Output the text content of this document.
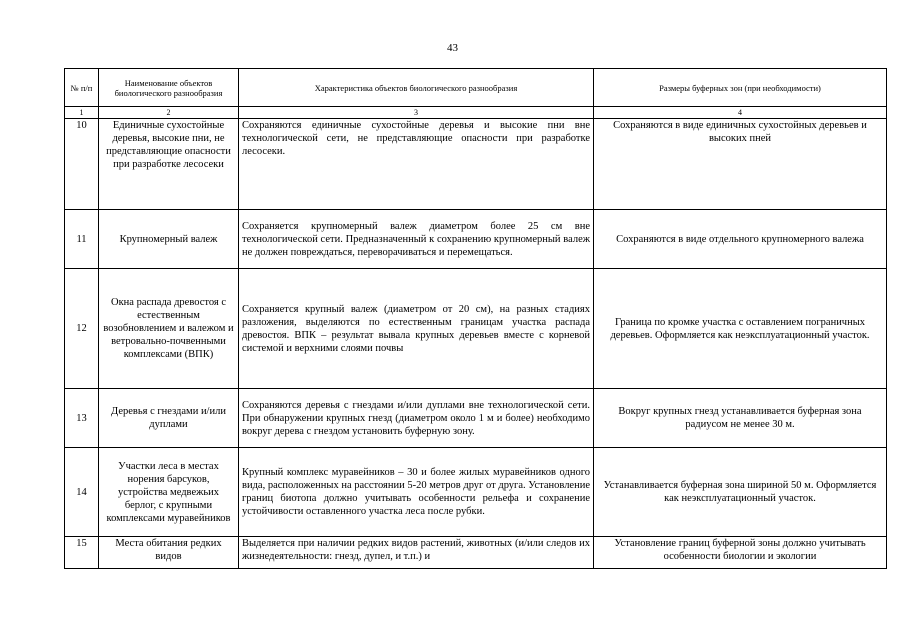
43
№ п/п	Наименование объектов биологического разнообразия	Характеристика объектов биологического разнообразия	Размеры буферных зон (при необходимости)
1	2	3	4
10	Единичные сухостойные деревья, высокие пни, не представляющие опасности при разработке лесосеки	Сохраняются единичные сухостойные деревья и высокие пни вне технологической сети, не представляющие опасности при разработке лесосеки.	Сохраняются в виде единичных сухостойных деревьев и высоких пней
11	Крупномерный валеж	Сохраняется крупномерный валеж диаметром более 25 см вне технологической сети. Предназначенный к сохранению крупномерный валеж не должен повреждаться, переворачиваться и перемещаться.	Сохраняются в виде отдельного крупномерного валежа
12	Окна распада древостоя с естественным возобновлением и валежом и ветровально-почвенными комплексами (ВПК)	Сохраняется крупный валеж (диаметром от 20 см), на разных стадиях разложения, выделяются по естественным границам участка распада древостоя. ВПК – результат вывала крупных деревьев вместе с корневой системой и верхними слоями почвы	Граница по кромке участка с оставлением пограничных деревьев. Оформляется как неэксплуатационный участок.
13	Деревья с гнездами и/или дуплами	Сохраняются деревья с гнездами и/или дуплами вне технологической сети. При обнаружении крупных гнезд (диаметром около 1 м и более) необходимо вокруг дерева с гнездом установить буферную зону.	Вокруг крупных гнезд устанавливается буферная зона радиусом не менее 30 м.
14	Участки леса в местах норения барсуков, устройства медвежьих берлог, с крупными комплексами муравейников	Крупный комплекс муравейников – 30 и более жилых муравейников одного вида, расположенных на расстоянии 5-20 метров друг от друга. Установление границ биотопа должно учитывать особенности рельефа и сохранение устойчивости оставленного участка леса после рубки.	Устанавливается буферная зона шириной 50 м. Оформляется как неэксплуатационный участок.
15	Места обитания редких видов	Выделяется при наличии редких видов растений, животных (и/или следов их жизнедеятельности: гнезд, дупел, и т.п.) и	Установление границ буферной зоны должно учитывать особенности биологии и экологии
